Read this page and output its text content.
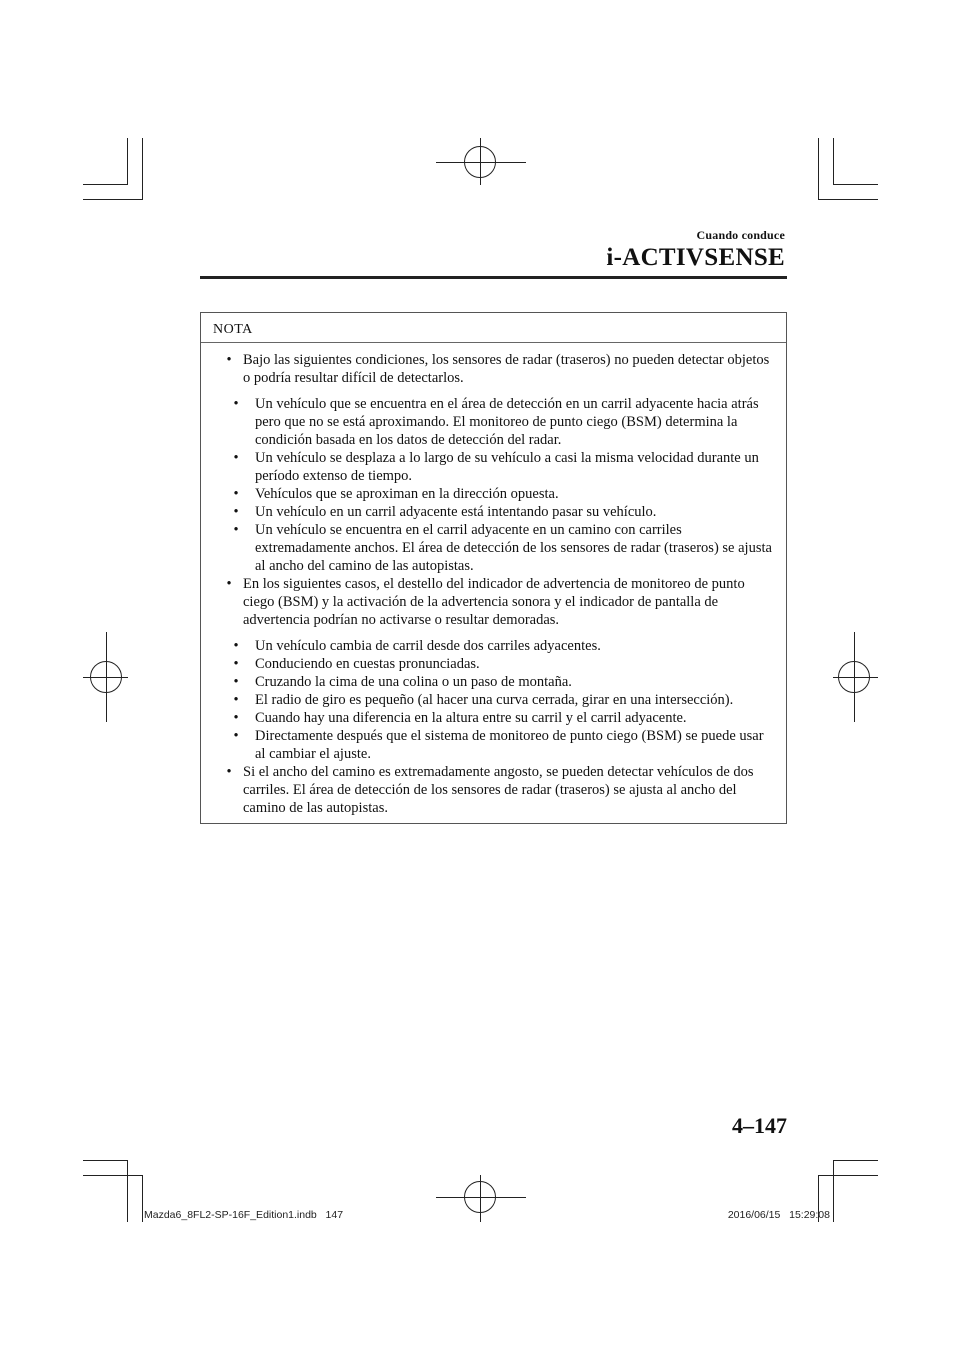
Cuando conduce
i-ACTIVSENSE
NOTA
• Bajo las siguientes condiciones, los sensores de radar (traseros) no pueden detectar objetos o podría resultar difícil de detectarlos.
•	Un vehículo que se encuentra en el área de detección en un carril adyacente hacia atrás pero que no se está aproximando. El monitoreo de punto ciego (BSM) determina la condición basada en los datos de detección del radar.
•	Un vehículo se desplaza a lo largo de su vehículo a casi la misma velocidad durante un período extenso de tiempo.
•	Vehículos que se aproximan en la dirección opuesta.
•	Un vehículo en un carril adyacente está intentando pasar su vehículo.
•	Un vehículo se encuentra en el carril adyacente en un camino con carriles extremadamente anchos. El área de detección de los sensores de radar (traseros) se ajusta al ancho del camino de las autopistas.
• En los siguientes casos, el destello del indicador de advertencia de monitoreo de punto ciego (BSM) y la activación de la advertencia sonora y el indicador de pantalla de advertencia podrían no activarse o resultar demoradas.
•	Un vehículo cambia de carril desde dos carriles adyacentes.
•	Conduciendo en cuestas pronunciadas.
•	Cruzando la cima de una colina o un paso de montaña.
•	El radio de giro es pequeño (al hacer una curva cerrada, girar en una intersección).
•	Cuando hay una diferencia en la altura entre su carril y el carril adyacente.
•	Directamente después que el sistema de monitoreo de punto ciego (BSM) se puede usar al cambiar el ajuste.
• Si el ancho del camino es extremadamente angosto, se pueden detectar vehículos de dos carriles. El área de detección de los sensores de radar (traseros) se ajusta al ancho del camino de las autopistas.
4–147
Mazda6_8FL2-SP-16F_Edition1.indb   147	2016/06/15   15:29:08
